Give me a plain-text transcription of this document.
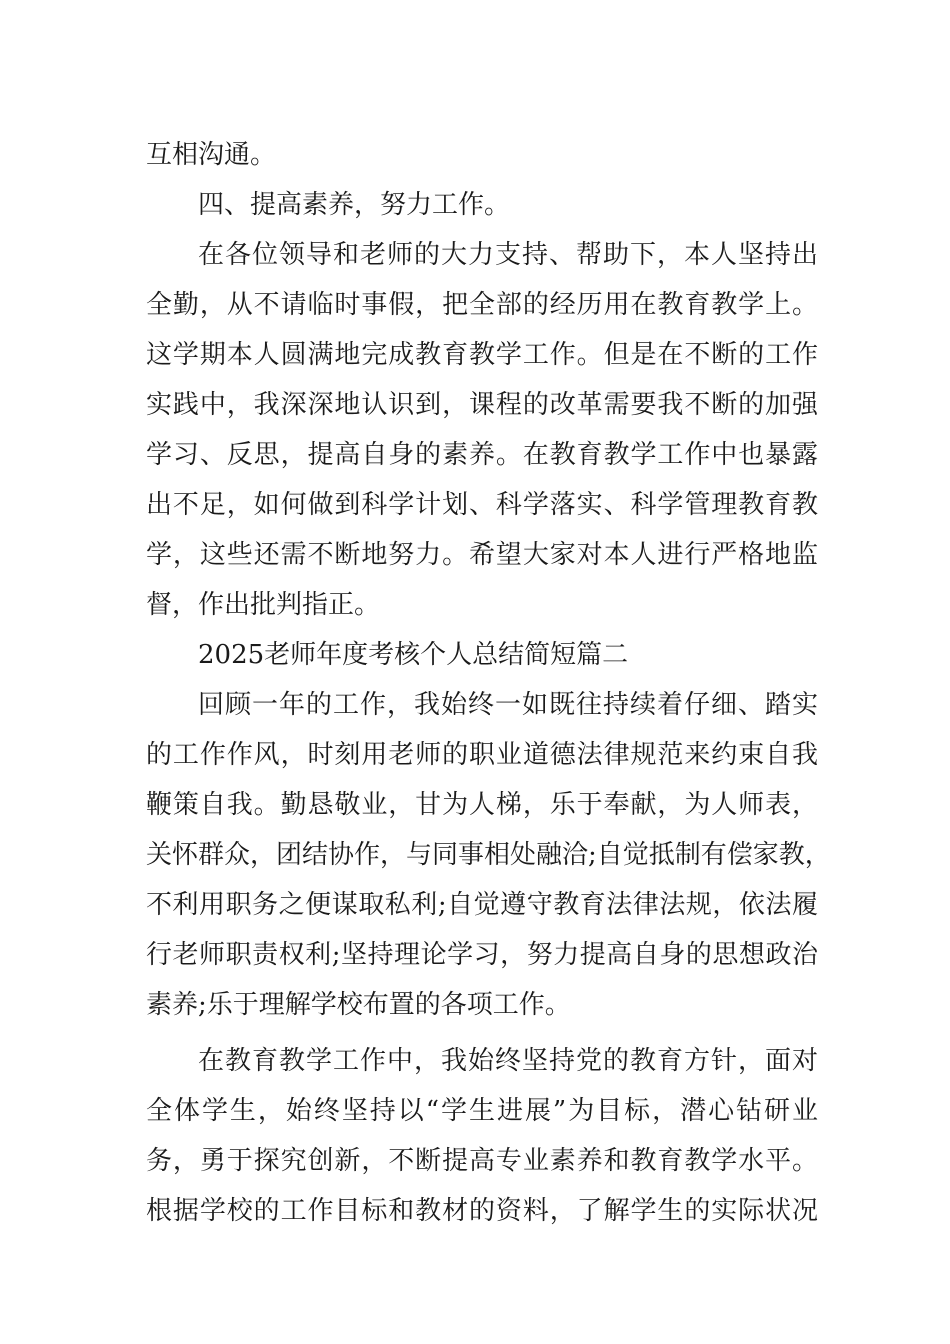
互相沟通。

四、提高素养，努力工作。

在各位领导和老师的大力支持、帮助下，本人坚持出
全勤，从不请临时事假，把全部的经历用在教育教学上。
这学期本人圆满地完成教育教学工作。但是在不断的工作
实践中，我深深地认识到，课程的改革需要我不断的加强
学习、反思，提高自身的素养。在教育教学工作中也暴露
出不足，如何做到科学计划、科学落实、科学管理教育教
学，这些还需不断地努力。希望大家对本人进行严格地监
督，作出批判指正。

2025老师年度考核个人总结简短篇二

回顾一年的工作，我始终一如既往持续着仔细、踏实
的工作作风，时刻用老师的职业道德法律规范来约束自我
鞭策自我。勤恳敬业，甘为人梯，乐于奉献，为人师表，
关怀群众，团结协作，与同事相处融洽;自觉抵制有偿家教，
不利用职务之便谋取私利;自觉遵守教育法律法规，依法履
行老师职责权利;坚持理论学习，努力提高自身的思想政治
素养;乐于理解学校布置的各项工作。

在教育教学工作中，我始终坚持党的教育方针，面对
全体学生，始终坚持以“学生进展”为目标，潜心钻研业
务，勇于探究创新，不断提高专业素养和教育教学水平。
根据学校的工作目标和教材的资料，了解学生的实际状况
